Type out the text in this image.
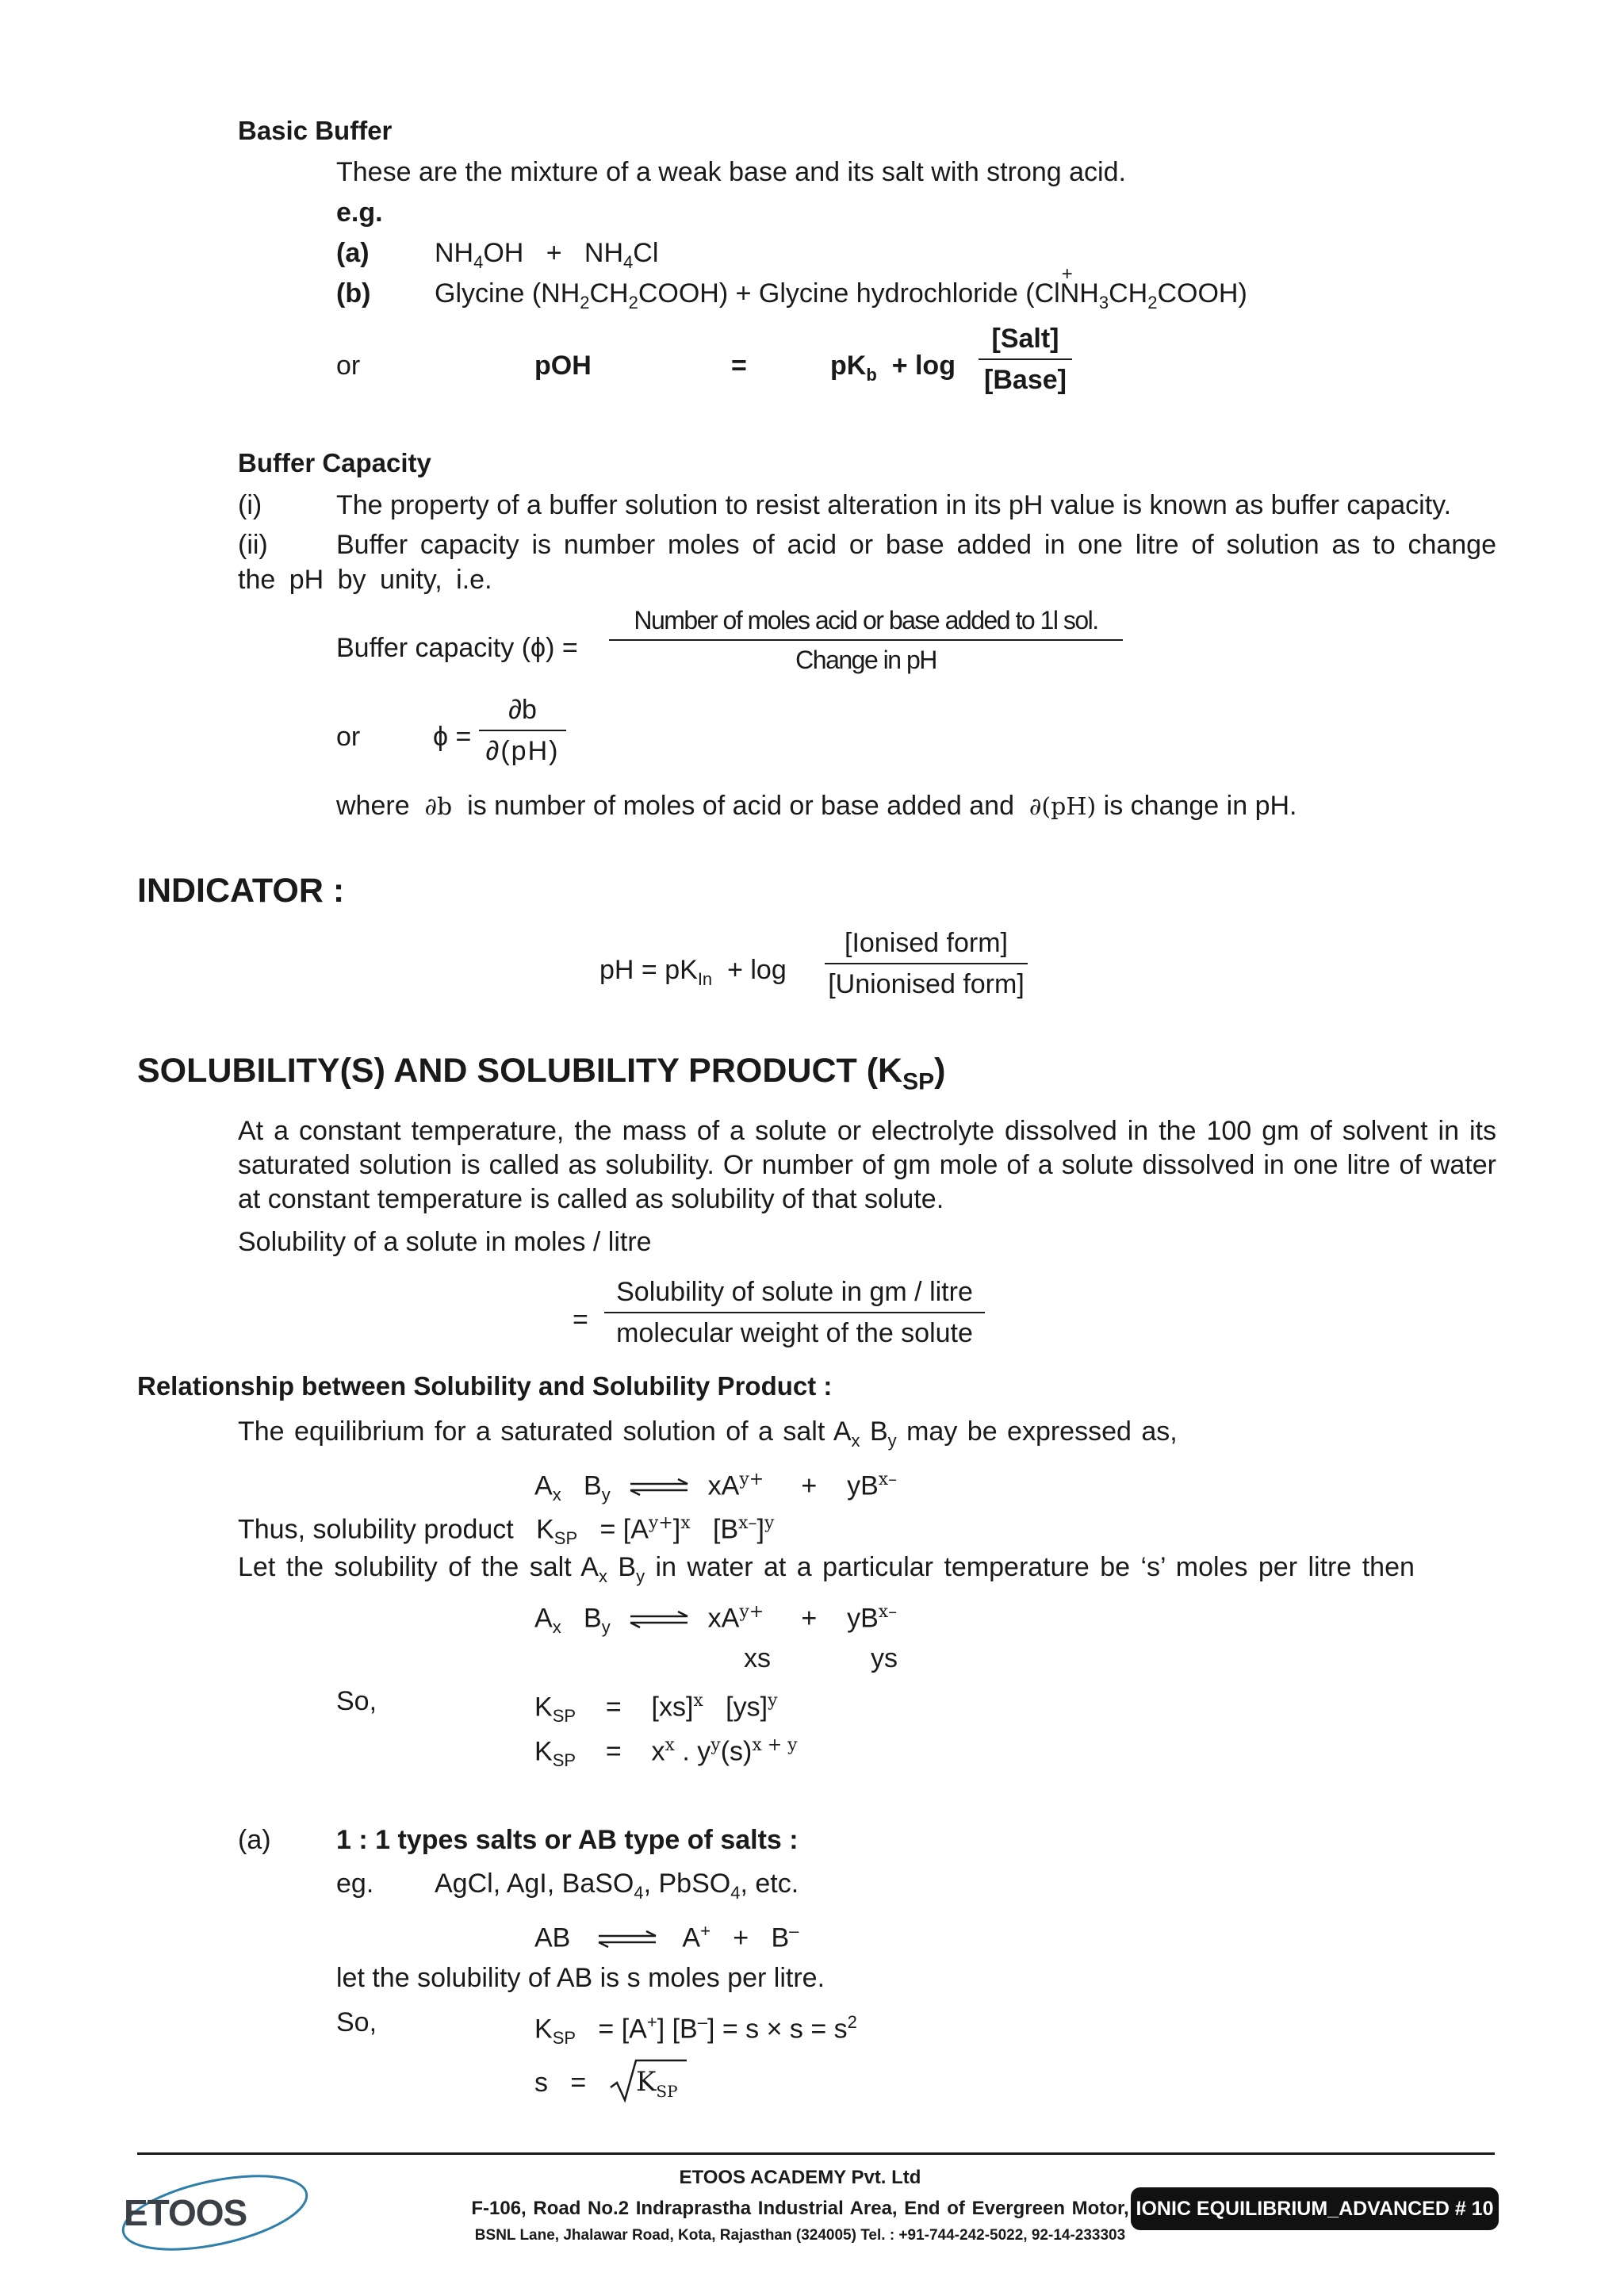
Basic Buffer
These are the mixture of a weak base and its salt with strong acid.
e.g.
(a) $NH_4OH + NH_4Cl$
(b) Glycine $(NH_2CH_2COOH)$ + Glycine hydrochloride (Cl
+
$NH_3CH_2COOH$)
or	pOH	=	$pK_b + \log$
[Salt]
[Base]
Buffer Capacity
(i)	The property of a buffer solution to resist alteration in its pH value is known as buffer capacity.
(ii)	Buffer capacity is number moles of acid or base added in one litre of solution as to change
the pH by unity, i.e.
Buffer capacity (ϕ) =
Number of moles acid or base added to 1l sol.
Change in pH
or	$\phi = \frac{\partial b}{\partial(pH)}$
where ∂b is number of moles of acid or base added and ∂(pH) is change in pH.
INDICATOR :
pH = $pK_{In} + \log$
[Ionised form]
[Unionised form]
SOLUBILITY(S) AND SOLUBILITY PRODUCT $(K_{SP})$
At a constant temperature, the mass of a solute or electrolyte dissolved in the 100 gm of solvent in its saturated solution is called as solubility. Or number of gm mole of a solute dissolved in one litre of water at constant temperature is called as solubility of that solute.
Solubility of a solute in moles / litre
=
Solubility of solute in gm / litre
molecular weight of the solute
Relationship between Solubility and Solubility Product :
The equilibrium for a saturated solution of a salt $A_x$ $B_y$ may be expressed as,
$A_x$ $B_y$	$xA^{y+} + yB^{x-}$
Thus, solubility product $K_{SP} = [A^{y+}]^x$ $[B^{x-}]^y$
Let the solubility of the salt $A_x$ $B_y$ in water at a particular temperature be ‘s’ moles per litre then
$A_x$ $B_y$	$xA^{y+} + yB^{x-}$
xs	ys
So,	$K_{SP} = [xs]^x$ [ys]$^y$
$K_{SP} = x^x$ . $y^y(s)^{x + y}$
(a) 1 : 1 types salts or AB type of salts :
eg. AgCl, AgI, BaSO$_4$, PbSO$_4$, etc.
AB	A+ + B–
let the solubility of AB is s moles per litre.
So,	$K_{SP} = [A^+] [B^-] = s \times s = s^2$
$s = K_{SP}$
ETOOS
ETOOS ACADEMY Pvt. Ltd
F-106, Road No.2 Indraprastha Industrial Area, End of Evergreen Motor,
BSNL Lane, Jhalawar Road, Kota, Rajasthan (324005) Tel. : +91-744-242-5022, 92-14-233303
IONIC EQUILIBRIUM_ADVANCED # 10
